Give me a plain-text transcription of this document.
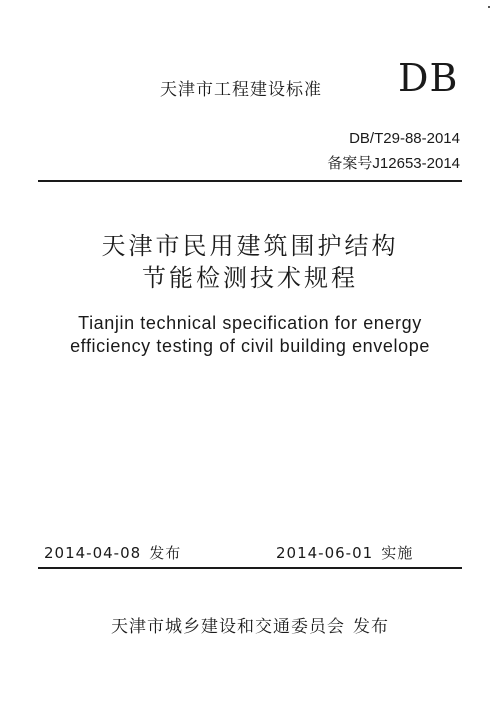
天津市工程建设标准 DB
DB/T29-88-2014
备案号J12653-2014
天津市民用建筑围护结构
节能检测技术规程
Tianjin technical specification for energy
efficiency testing of civil building envelope
2014-04-08 发布	2014-06-01 实施
天津市城乡建设和交通委员会 发布
